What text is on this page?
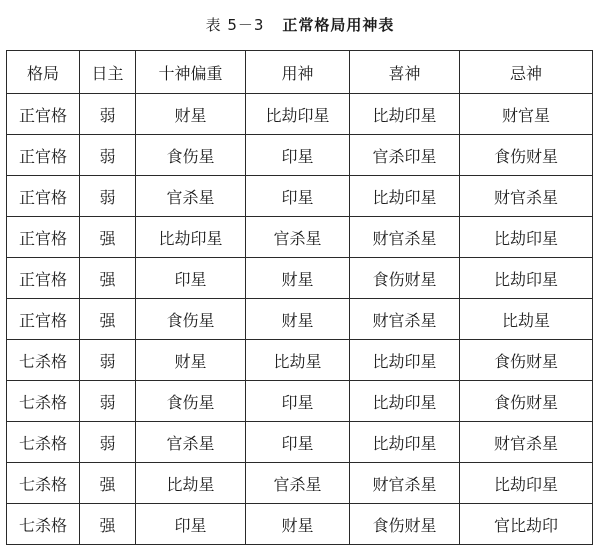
表 5－3 正常格局用神表
格局	日主	十神偏重	用神	喜神	忌神
正官格	弱	财星	比劫印星	比劫印星	财官星
正官格	弱	食伤星	印星	官杀印星	食伤财星
正官格	弱	官杀星	印星	比劫印星	财官杀星
正官格	强	比劫印星	官杀星	财官杀星	比劫印星
正官格	强	印星	财星	食伤财星	比劫印星
正官格	强	食伤星	财星	财官杀星	比劫星
七杀格	弱	财星	比劫星	比劫印星	食伤财星
七杀格	弱	食伤星	印星	比劫印星	食伤财星
七杀格	弱	官杀星	印星	比劫印星	财官杀星
七杀格	强	比劫星	官杀星	财官杀星	比劫印星
七杀格	强	印星	财星	食伤财星	官比劫印
